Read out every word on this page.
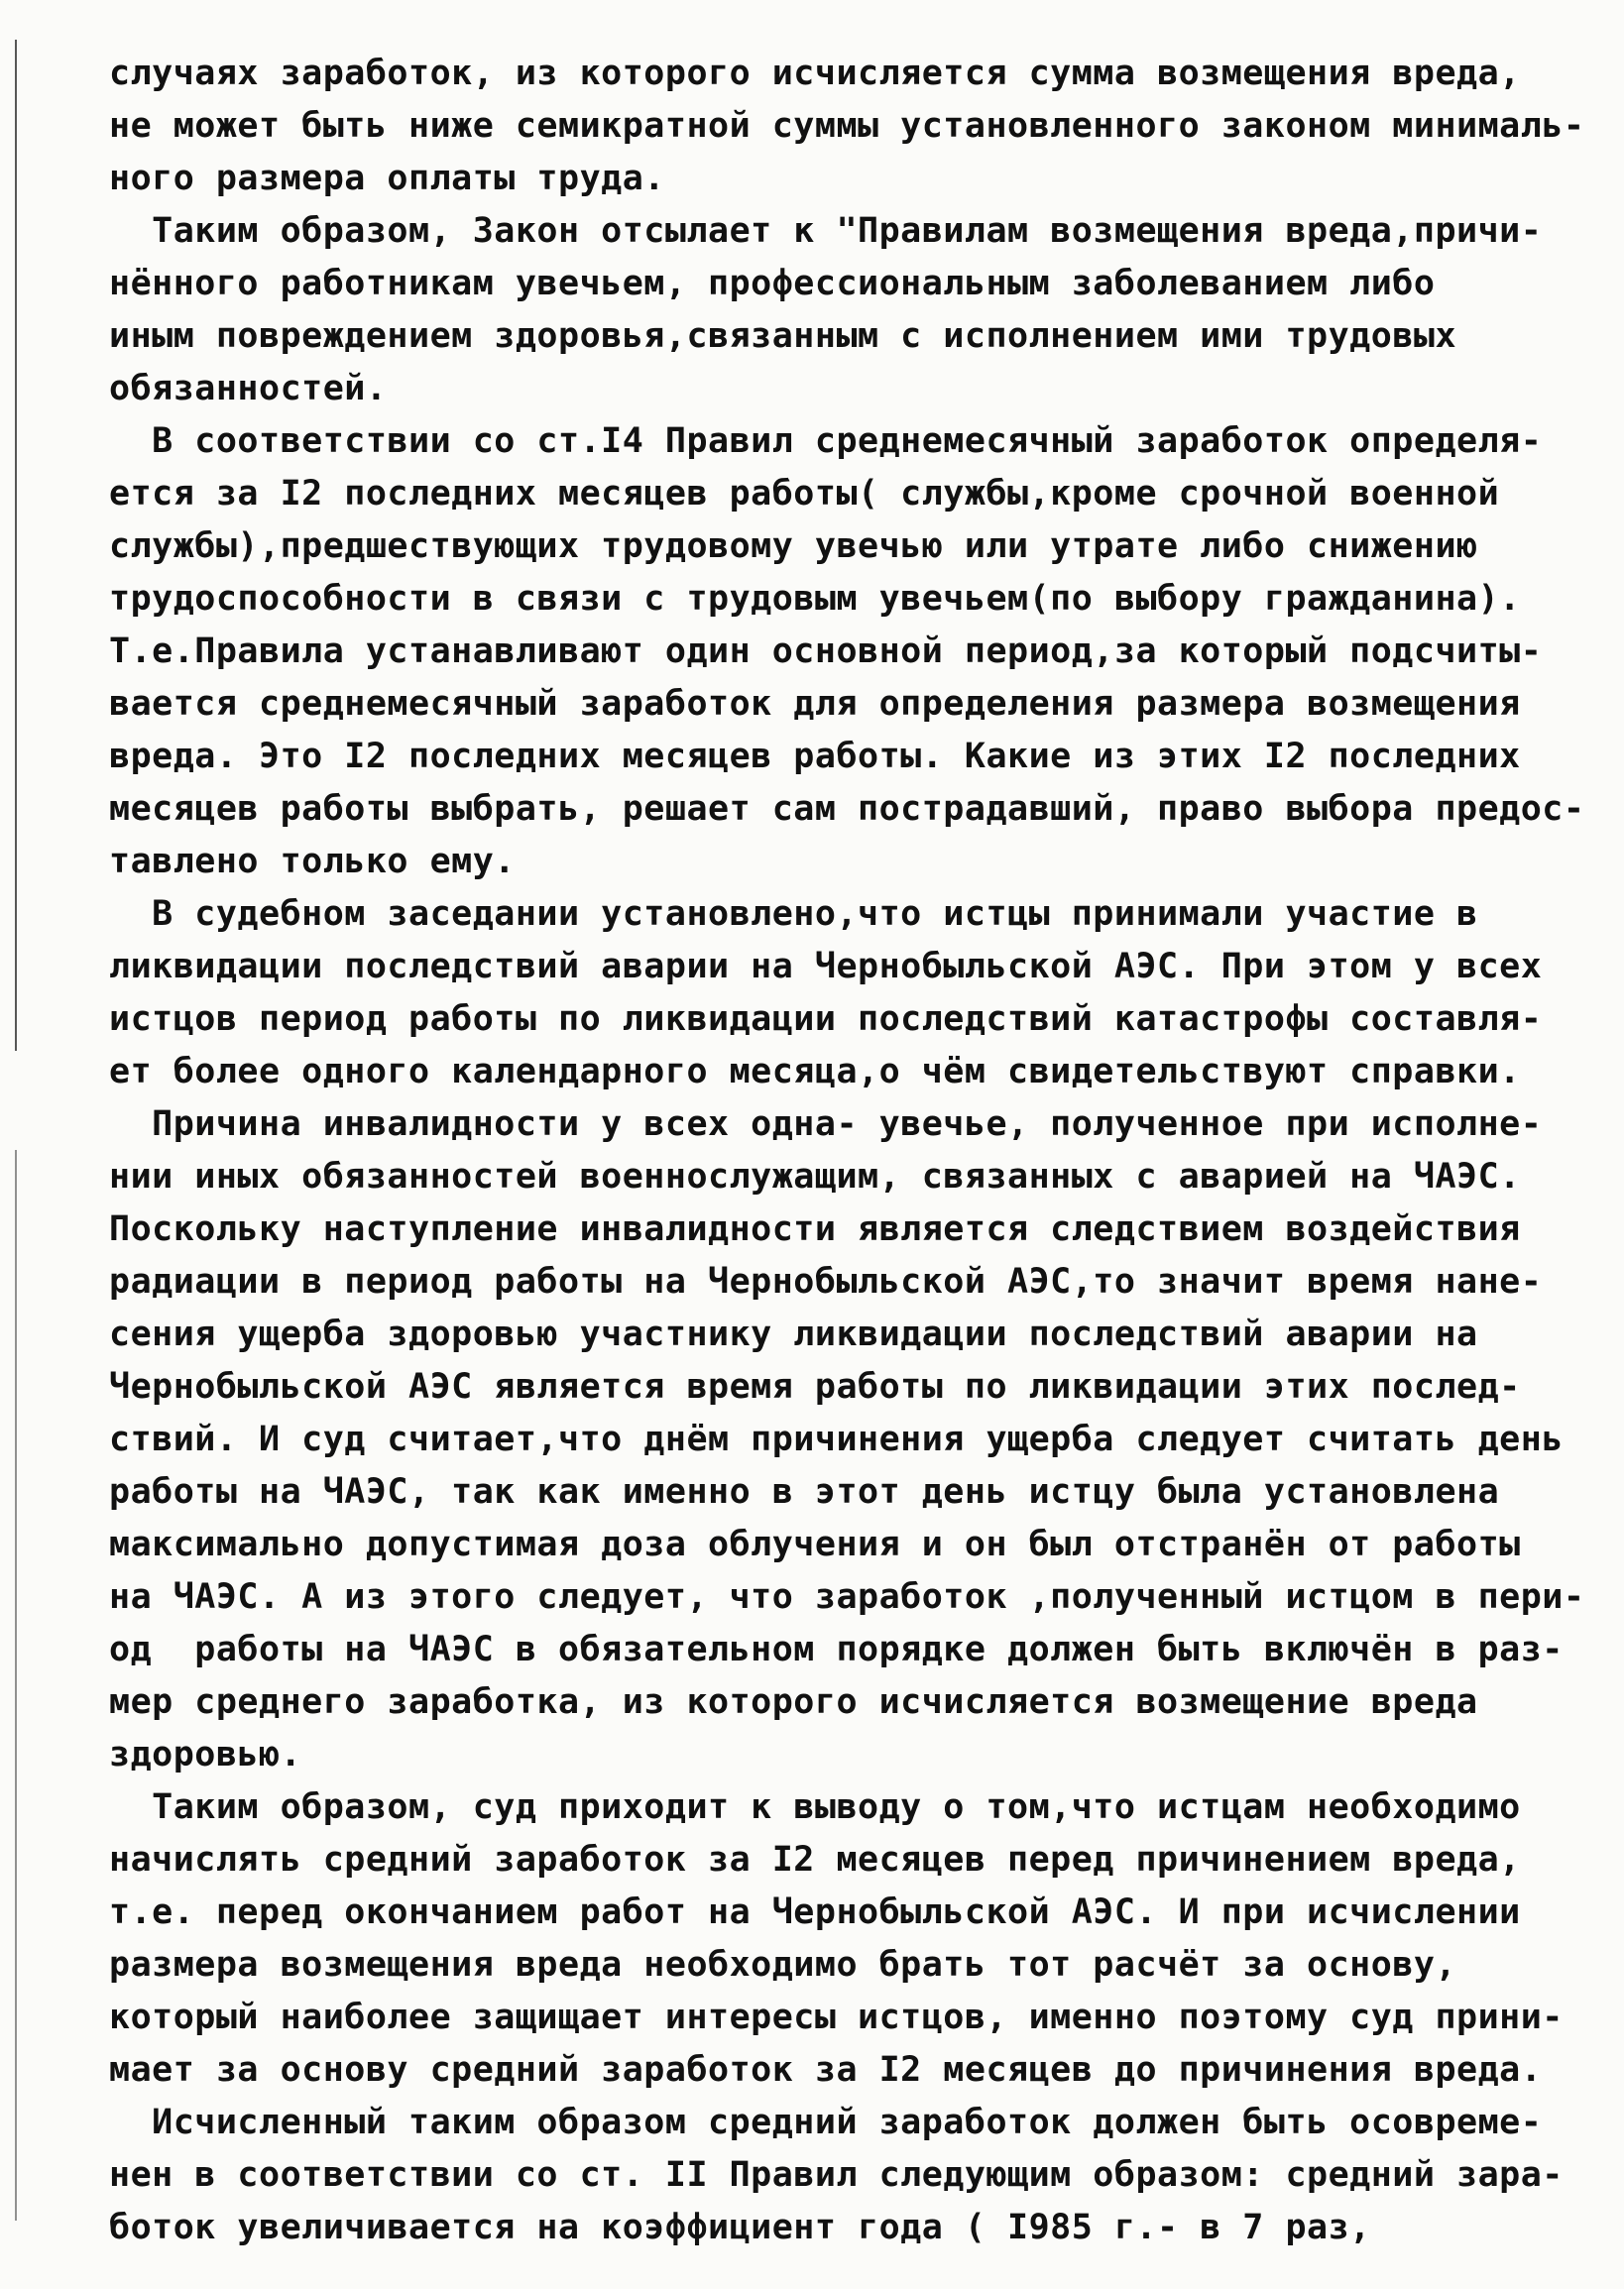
случаях заработок, из которого исчисляется сумма возмещения вреда,
не может быть ниже семикратной суммы установленного законом минималь-
ного размера оплаты труда.
Таким образом, Закон отсылает к "Правилам возмещения вреда,причи-
нённого работникам увечьем, профессиональным заболеванием либо
иным повреждением здоровья,связанным с исполнением ими трудовых
обязанностей.
В соответствии со ст.I4 Правил среднемесячный заработок определя-
ется за I2 последних месяцев работы( службы,кроме срочной военной
службы),предшествующих трудовому увечью или утрате либо снижению
трудоспособности в связи с трудовым увечьем(по выбору гражданина).
Т.е.Правила устанавливают один основной период,за который подсчиты-
вается среднемесячный заработок для определения размера возмещения
вреда. Это I2 последних месяцев работы. Какие из этих I2 последних
месяцев работы выбрать, решает сам пострадавший, право выбора предос-
тавлено только ему.
В судебном заседании установлено,что истцы принимали участие в
ликвидации последствий аварии на Чернобыльской АЭС. При этом у всех
истцов период работы по ликвидации последствий катастрофы составля-
ет более одного календарного месяца,о чём свидетельствуют справки.
Причина инвалидности у всех одна- увечье, полученное при исполне-
нии иных обязанностей военнослужащим, связанных с аварией на ЧАЭС.
Поскольку наступление инвалидности является следствием воздействия
радиации в период работы на Чернобыльской АЭС,то значит время нане-
сения ущерба здоровью участнику ликвидации последствий аварии на
Чернобыльской АЭС является время работы по ликвидации этих послед-
ствий. И суд считает,что днём причинения ущерба следует считать день
работы на ЧАЭС, так как именно в этот день истцу была установлена
максимально допустимая доза облучения и он был отстранён от работы
на ЧАЭС. А из этого следует, что заработок ,полученный истцом в пери-
од  работы на ЧАЭС в обязательном порядке должен быть включён в раз-
мер среднего заработка, из которого исчисляется возмещение вреда
здоровью.
Таким образом, суд приходит к выводу о том,что истцам необходимо
начислять средний заработок за I2 месяцев перед причинением вреда,
т.е. перед окончанием работ на Чернобыльской АЭС. И при исчислении
размера возмещения вреда необходимо брать тот расчёт за основу,
который наиболее защищает интересы истцов, именно поэтому суд прини-
мает за основу средний заработок за I2 месяцев до причинения вреда.
Исчисленный таким образом средний заработок должен быть осовреме-
нен в соответствии со ст. II Правил следующим образом: средний зара-
боток увеличивается на коэффициент года ( I985 г.- в 7 раз,
